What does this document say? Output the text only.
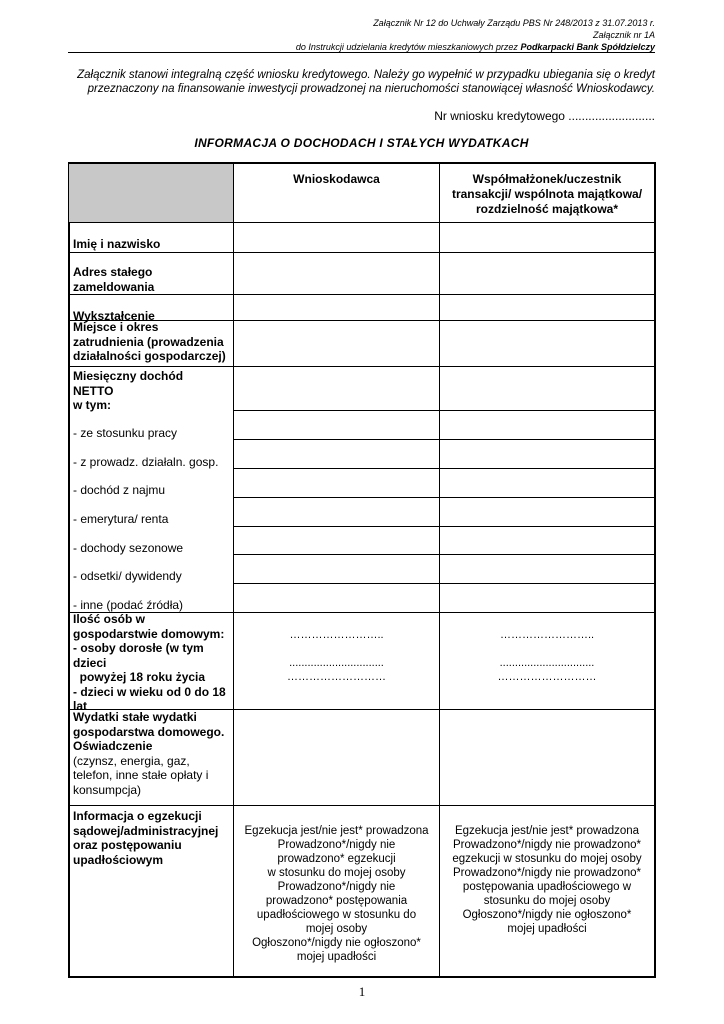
Załącznik Nr 12 do Uchwały Zarządu PBS Nr 248/2013 z 31.07.2013 r.
Załącznik nr 1A
do Instrukcji udzielania kredytów mieszkaniowych przez Podkarpacki Bank Spółdzielczy
Załącznik stanowi integralną część wniosku kredytowego. Należy go wypełnić w przypadku ubiegania się o kredyt
przeznaczony na finansowanie inwestycji prowadzonej na nieruchomości stanowiącej własność Wnioskodawcy.
Nr wniosku kredytowego ..........................
INFORMACJA O DOCHODACH I STAŁYCH WYDATKACH
Wnioskodawca	Współmałżonek/uczestnik
transakcji/ wspólnota majątkowa/
rozdzielność majątkowa*
Imię i nazwisko
Adres stałego
zameldowania
Wykształcenie
Miejsce i okres
zatrudnienia (prowadzenia
działalności gospodarczej)
Miesięczny dochód
NETTO
w tym:
- ze stosunku pracy
- z prowadz. działaln. gosp.
- dochód z najmu
- emerytura/ renta
- dochody sezonowe
- odsetki/ dywidendy
- inne (podać źródła)
Ilość osób w
gospodarstwie domowym:
- osoby dorosłe (w tym
dzieci
powyżej 18 roku życia
- dzieci w wieku od 0 do 18
lat
Wydatki stałe wydatki
gospodarstwa domowego.
Oświadczenie
(czynsz, energia, gaz,
telefon, inne stałe opłaty i
konsumpcja)
Informacja o egzekucji
sądowej/administracyjnej
oraz postępowaniu
upadłościowym
……………………..
...............................
………………………
……………………..
...............................
………………………
Egzekucja jest/nie jest* prowadzona
Prowadzono*/nigdy nie
prowadzono* egzekucji
w stosunku do mojej osoby
Prowadzono*/nigdy nie
prowadzono* postępowania
upadłościowego w stosunku do
mojej osoby
Ogłoszono*/nigdy nie ogłoszono*
mojej upadłości
Egzekucja jest/nie jest* prowadzona
Prowadzono*/nigdy nie prowadzono*
egzekucji w stosunku do mojej osoby
Prowadzono*/nigdy nie prowadzono*
postępowania upadłościowego w
stosunku do mojej osoby
Ogłoszono*/nigdy nie ogłoszono*
mojej upadłości
1
